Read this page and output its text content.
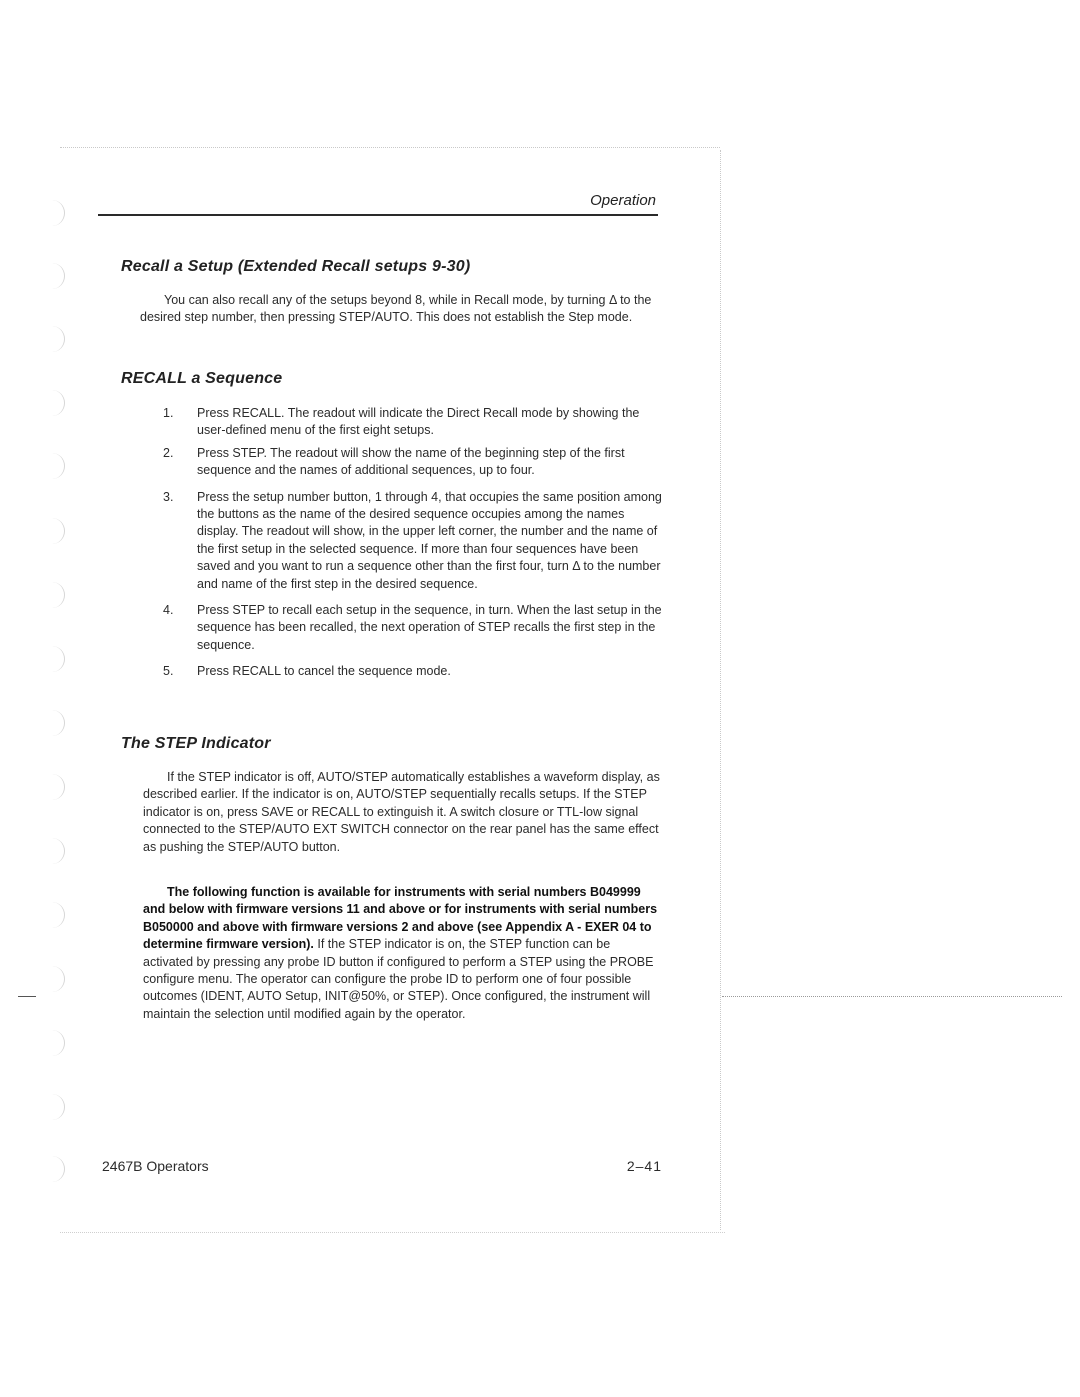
Operation
Recall a Setup (Extended Recall setups 9-30)

You can also recall any of the setups beyond 8, while in Recall mode, by turning Δ to the desired step number, then pressing STEP/AUTO. This does not establish the Step mode.

RECALL a Sequence
1. Press RECALL. The readout will indicate the Direct Recall mode by showing the user-defined menu of the first eight setups.
2. Press STEP. The readout will show the name of the beginning step of the first sequence and the names of additional sequences, up to four.
3. Press the setup number button, 1 through 4, that occupies the same position among the buttons as the name of the desired sequence occupies among the names display. The readout will show, in the upper left corner, the number and the name of the first setup in the selected sequence. If more than four sequences have been saved and you want to run a sequence other than the first four, turn Δ to the number and name of the first step in the desired sequence.
4. Press STEP to recall each setup in the sequence, in turn. When the last setup in the sequence has been recalled, the next operation of STEP recalls the first step in the sequence.
5. Press RECALL to cancel the sequence mode.
The STEP Indicator

If the STEP indicator is off, AUTO/STEP automatically establishes a waveform display, as described earlier. If the indicator is on, AUTO/STEP sequentially recalls setups. If the STEP indicator is on, press SAVE or RECALL to extinguish it. A switch closure or TTL-low signal connected to the STEP/AUTO EXT SWITCH connector on the rear panel has the same effect as pushing the STEP/AUTO button.

The following function is available for instruments with serial numbers B049999 and below with firmware versions 11 and above or for instruments with serial numbers B050000 and above with firmware versions 2 and above (see Appendix A - EXER 04 to determine firmware version). If the STEP indicator is on, the STEP function can be activated by pressing any probe ID button if configured to perform a STEP using the PROBE configure menu. The operator can configure the probe ID to perform one of four possible outcomes (IDENT, AUTO Setup, INIT@50%, or STEP). Once configured, the instrument will maintain the selection until modified again by the operator.

2467B Operators	2–41
